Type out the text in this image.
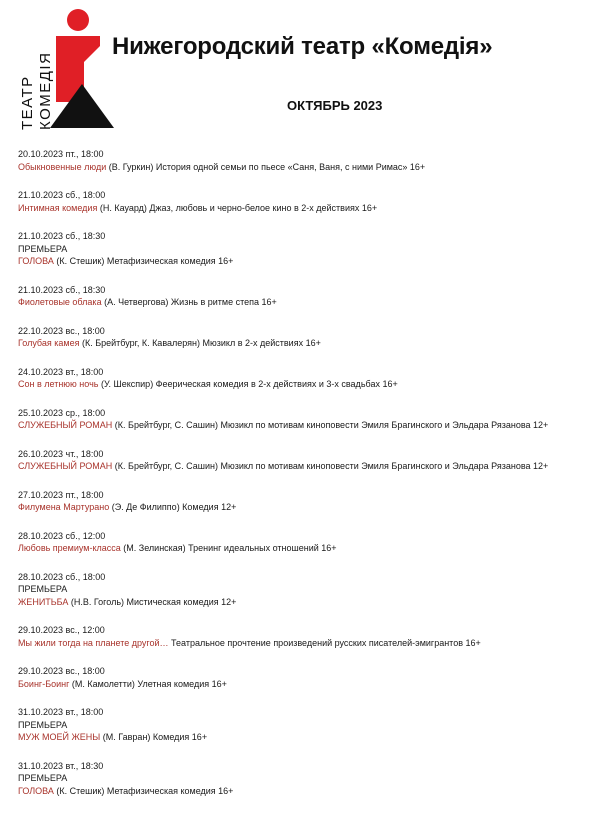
ТЕАТР КОМЕДIЯ
Нижегородский театр «Комедiя»
ОКТЯБРЬ 2023
20.10.2023 пт., 18:00
Обыкновенные люди (В. Гуркин) История одной семьи по пьесе «Саня, Ваня, с ними Римас» 16+
21.10.2023 сб., 18:00
Интимная комедия (Н. Кауард) Джаз, любовь и черно-белое кино в 2-х действиях 16+
21.10.2023 сб., 18:30
ПРЕМЬЕРА
ГОЛОВА (К. Стешик) Метафизическая комедия 16+
21.10.2023 сб., 18:30
Фиолетовые облака (А. Четвергова) Жизнь в ритме степа 16+
22.10.2023 вс., 18:00
Голубая камея (К. Брейтбург, К. Кавалерян) Мюзикл в 2-х действиях 16+
24.10.2023 вт., 18:00
Сон в летнюю ночь (У. Шекспир) Феерическая комедия в 2-х действиях и 3-х свадьбах 16+
25.10.2023 ср., 18:00
СЛУЖЕБНЫЙ РОМАН (К. Брейтбург, С. Сашин) Мюзикл по мотивам киноповести Эмиля Брагинского и Эльдара Рязанова 12+
26.10.2023 чт., 18:00
СЛУЖЕБНЫЙ РОМАН (К. Брейтбург, С. Сашин) Мюзикл по мотивам киноповести Эмиля Брагинского и Эльдара Рязанова 12+
27.10.2023 пт., 18:00
Филумена Мартурано (Э. Де Филиппо) Комедия 12+
28.10.2023 сб., 12:00
Любовь премиум-класса (М. Зелинская) Тренинг идеальных отношений 16+
28.10.2023 сб., 18:00
ПРЕМЬЕРА
ЖЕНИТЬБА (Н.В. Гоголь) Мистическая комедия 12+
29.10.2023 вс., 12:00
Мы жили тогда на планете другой… Театральное прочтение произведений русских писателей-эмигрантов 16+
29.10.2023 вс., 18:00
Боинг-Боинг (М. Камолетти) Улетная комедия 16+
31.10.2023 вт., 18:00
ПРЕМЬЕРА
МУЖ МОЕЙ ЖЕНЫ (М. Гавран) Комедия 16+
31.10.2023 вт., 18:30
ПРЕМЬЕРА
ГОЛОВА (К. Стешик) Метафизическая комедия 16+
